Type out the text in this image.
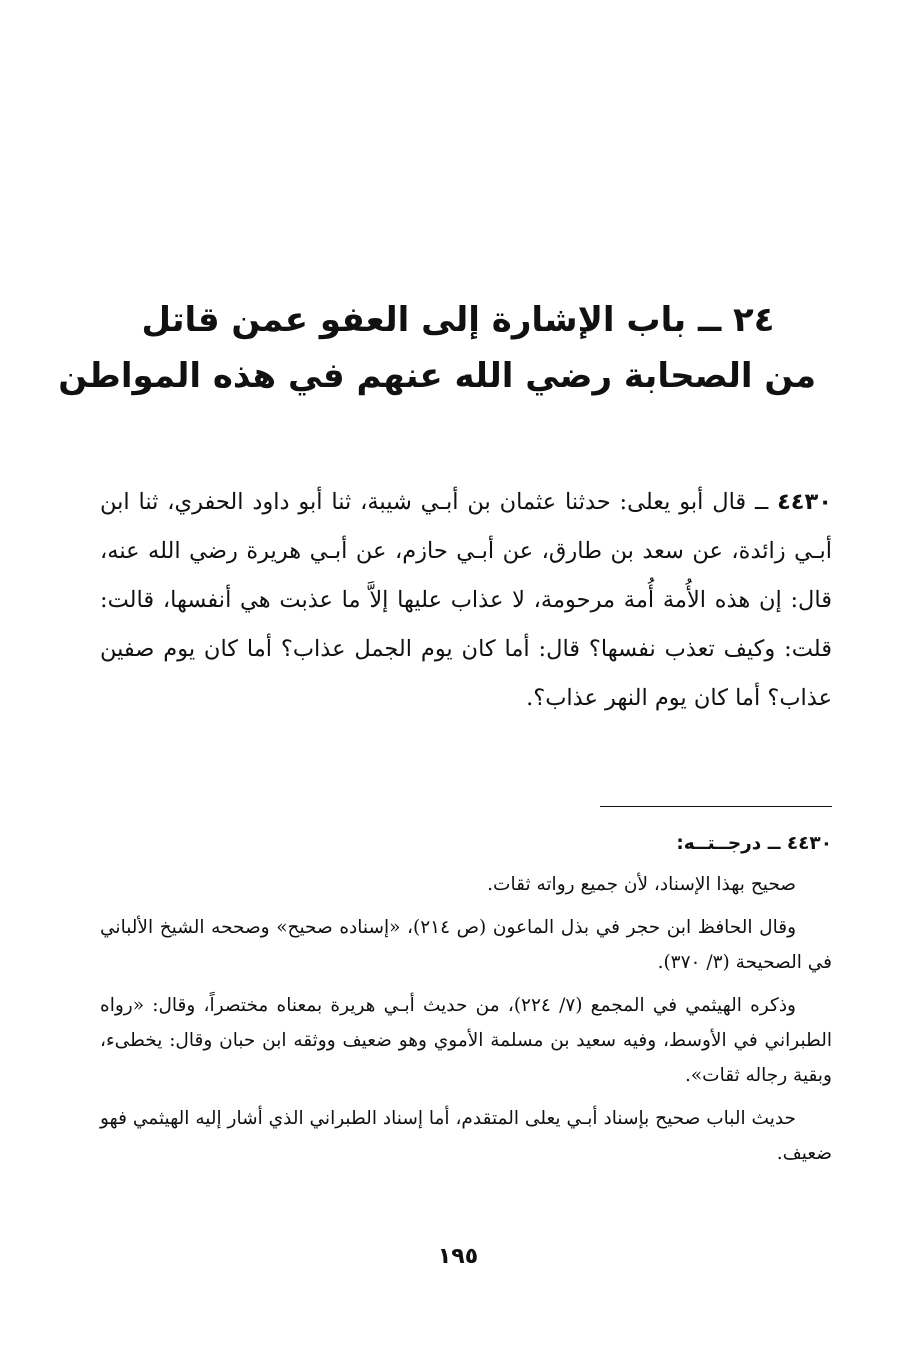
٢٤ ــ باب الإشارة إلى العفو عمن قاتل
من الصحابة رضي الله عنهم في هذه المواطن

٤٤٣٠ ــ قال أبو يعلى: حدثنا عثمان بن أبـي شيبة، ثنا أبو داود الحفري، ثنا ابن أبـي زائدة، عن سعد بن طارق، عن أبـي حازم، عن أبـي هريرة رضي الله عنه، قال: إن هذه الأُمة أُمة مرحومة، لا عذاب عليها إلاَّ ما عذبت هي أنفسها، قالت: قلت: وكيف تعذب نفسها؟ قال: أما كان يوم الجمل عذاب؟ أما كان يوم صفين عذاب؟ أما كان يوم النهر عذاب؟.

٤٤٣٠ ــ درجــتــه:

صحيح بهذا الإسناد، لأن جميع رواته ثقات.

وقال الحافظ ابن حجر في بذل الماعون (ص ٢١٤)، «إسناده صحيح» وصححه الشيخ الألباني في الصحيحة (٣/ ٣٧٠).

وذكره الهيثمي في المجمع (٧/ ٢٢٤)، من حديث أبـي هريرة بمعناه مختصراً، وقال: «رواه الطبراني في الأوسط، وفيه سعيد بن مسلمة الأموي وهو ضعيف ووثقه ابن حبان وقال: يخطىء، وبقية رجاله ثقات».

حديث الباب صحيح بإسناد أبـي يعلى المتقدم، أما إسناد الطبراني الذي أشار إليه الهيثمي فهو ضعيف.

١٩٥
